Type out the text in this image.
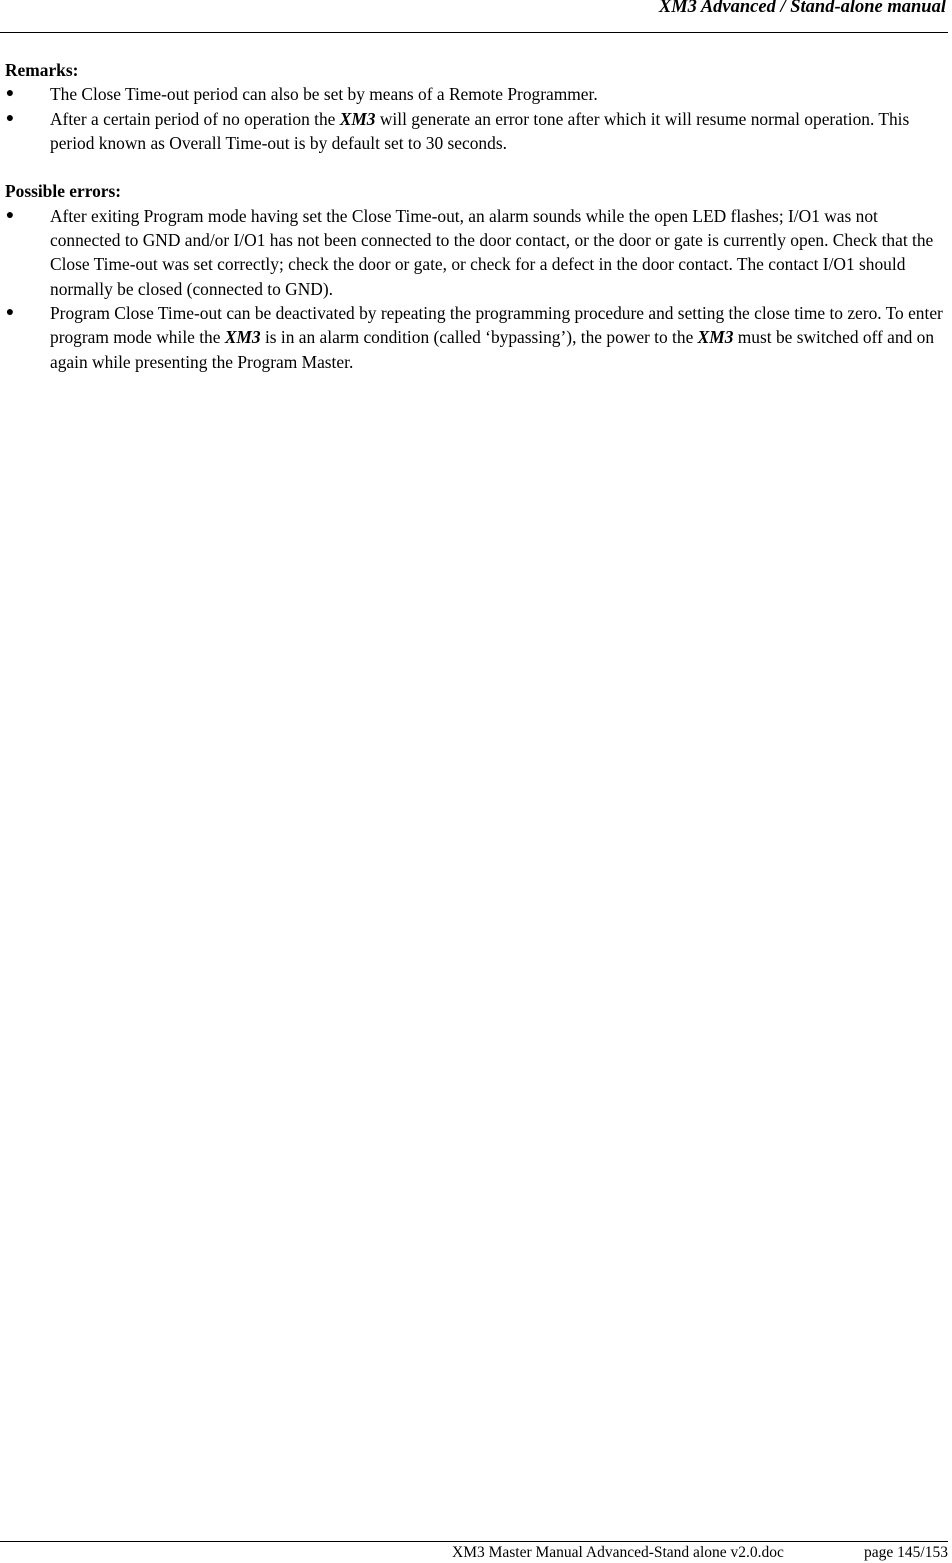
XM3 Advanced / Stand-alone manual

Remarks:

● The Close Time-out period can also be set by means of a Remote Programmer.
● After a certain period of no operation the XM3 will generate an error tone after which it will resume normal operation. This period known as Overall Time-out is by default set to 30 seconds.

Possible errors:

● After exiting Program mode having set the Close Time-out, an alarm sounds while the open LED flashes; I/O1 was not connected to GND and/or I/O1 has not been connected to the door contact, or the door or gate is currently open. Check that the Close Time-out was set correctly; check the door or gate, or check for a defect in the door contact. The contact I/O1 should normally be closed (connected to GND).
● Program Close Time-out can be deactivated by repeating the programming procedure and setting the close time to zero. To enter program mode while the XM3 is in an alarm condition (called ‘bypassing’), the power to the XM3 must be switched off and on again while presenting the Program Master.
XM3 Master Manual Advanced-Stand alone v2.0.doc	page 145/153
